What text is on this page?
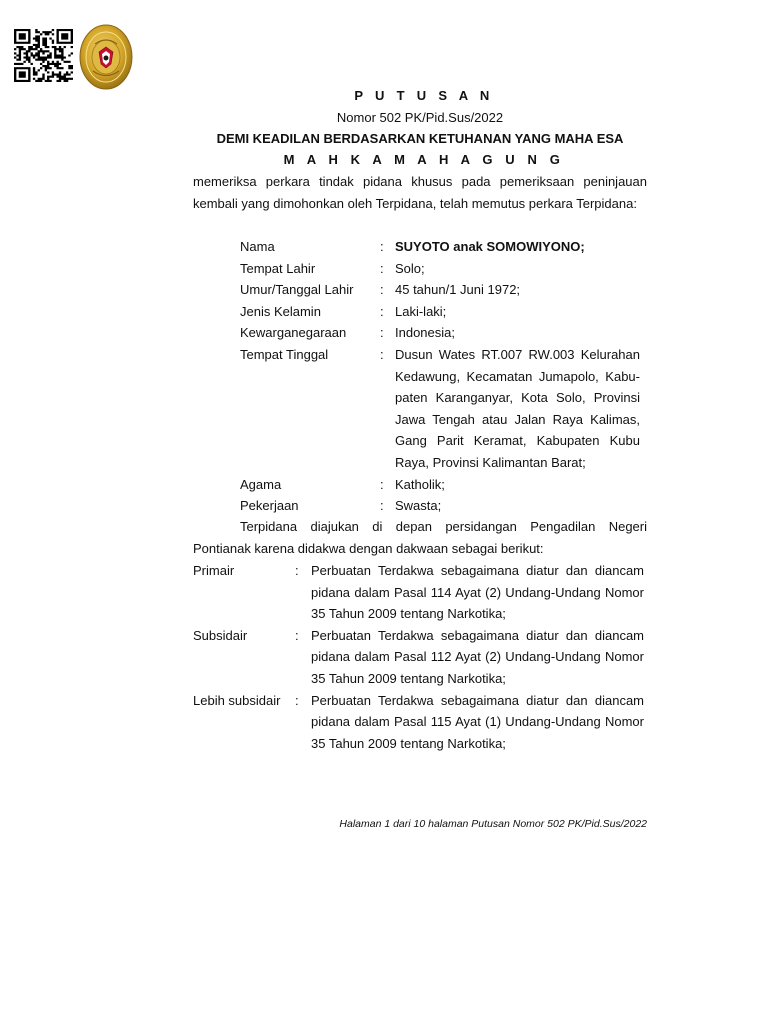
P U T U S A N
Nomor 502 PK/Pid.Sus/2022
DEMI KEADILAN BERDASARKAN KETUHANAN YANG MAHA ESA
M A H K A M A H A G U N G
memeriksa perkara tindak pidana khusus pada pemeriksaan peninjauan kembali yang dimohonkan oleh Terpidana, telah memutus perkara Terpidana:
Nama	: SUYOTO anak SOMOWIYONO;
Tempat Lahir	: Solo;
Umur/Tanggal Lahir : 45 tahun/1 Juni 1972;
Jenis Kelamin	: Laki-laki;
Kewarganegaraan	: Indonesia;
Tempat Tinggal	: Dusun Wates RT.007 RW.003 Kelurahan Kedawung, Kecamatan Jumapolo, Kabu-paten Karanganyar, Kota Solo, Provinsi Jawa Tengah atau Jalan Raya Kalimas, Gang Parit Keramat, Kabupaten Kubu Raya, Provinsi Kalimantan Barat;
Agama	: Katholik;
Pekerjaan	: Swasta;
Terpidana diajukan di depan persidangan Pengadilan Negeri Pontianak karena didakwa dengan dakwaan sebagai berikut:
Primair	: Perbuatan Terdakwa sebagaimana diatur dan diancam pidana dalam Pasal 114 Ayat (2) Undang-Undang Nomor 35 Tahun 2009 tentang Narkotika;
Subsidair	: Perbuatan Terdakwa sebagaimana diatur dan diancam pidana dalam Pasal 112 Ayat (2) Undang-Undang Nomor 35 Tahun 2009 tentang Narkotika;
Lebih subsidair : Perbuatan Terdakwa sebagaimana diatur dan diancam pidana dalam Pasal 115 Ayat (1) Undang-Undang Nomor 35 Tahun 2009 tentang Narkotika;
Halaman 1 dari 10 halaman Putusan Nomor 502 PK/Pid.Sus/2022
